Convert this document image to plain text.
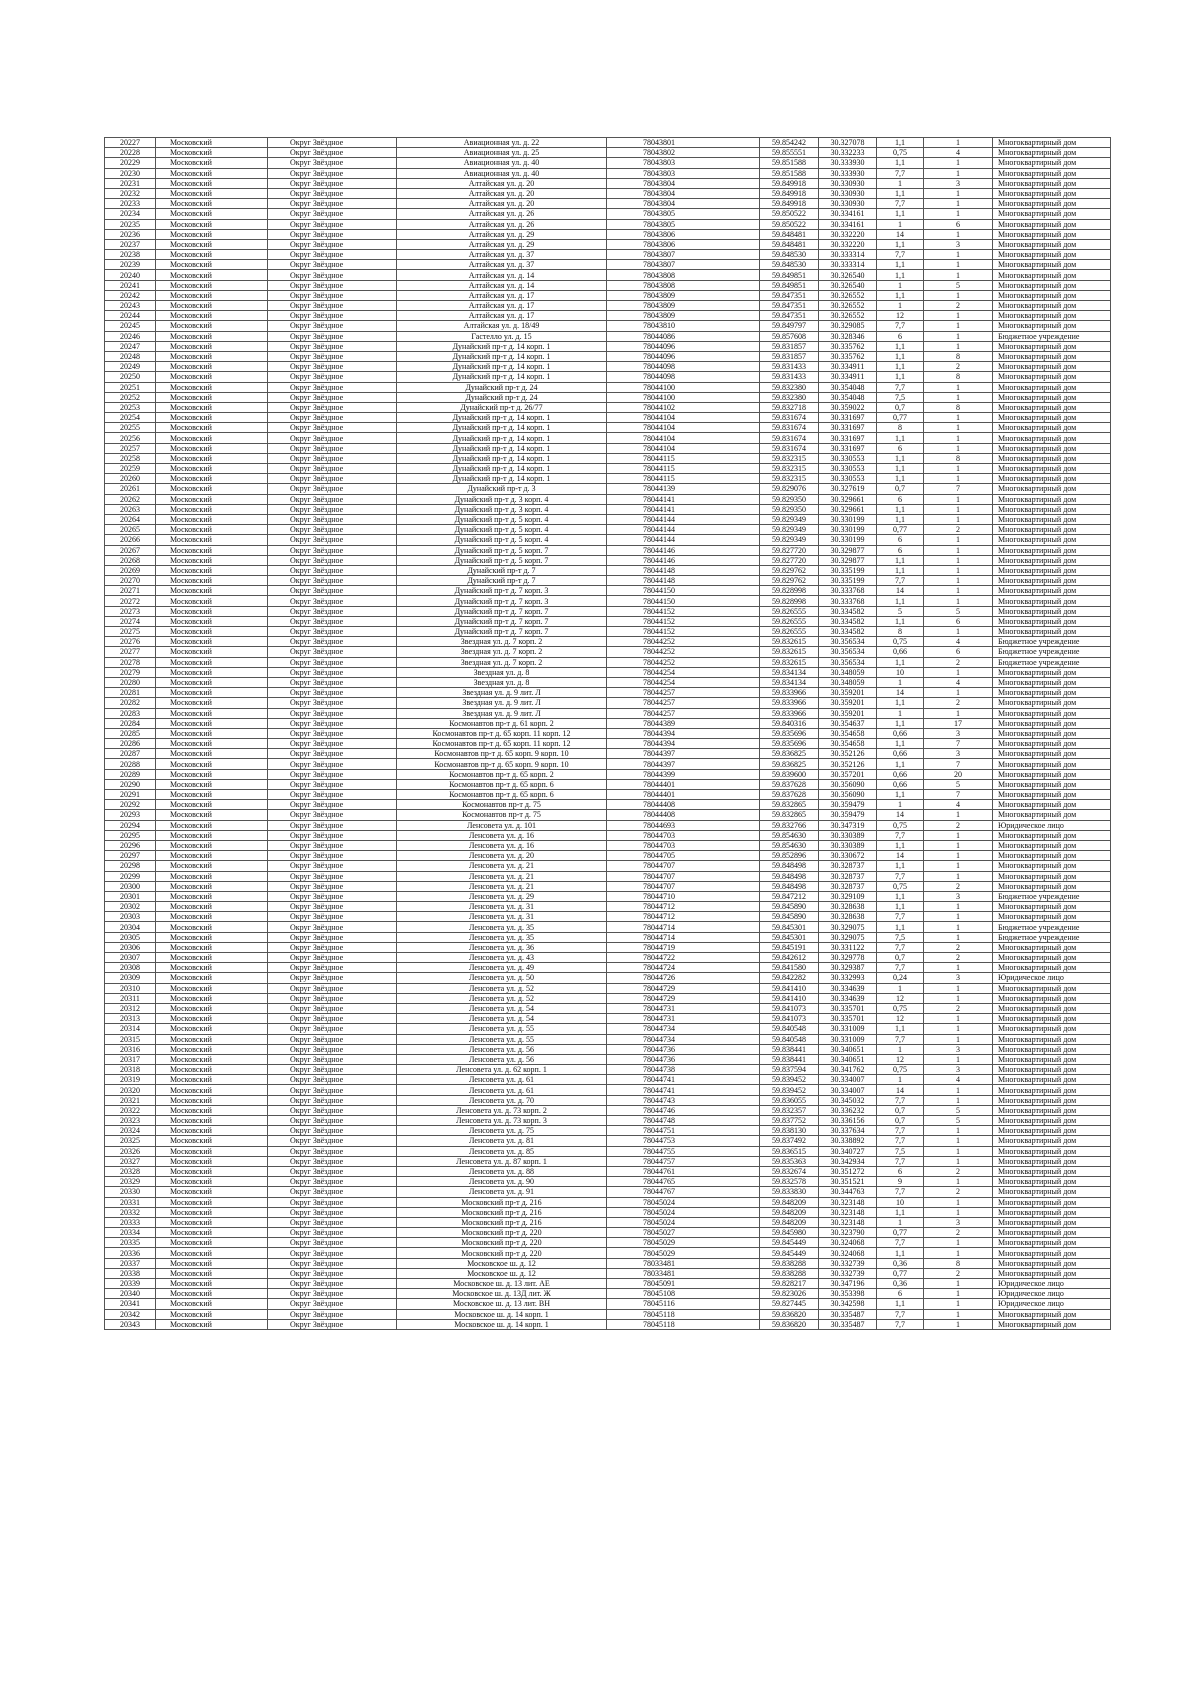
20227	Московский	Округ Звёздное	Авиационная ул. д. 22	78043801	59.854242	30.327078	1,1	1	Многоквартирный дом
20228	Московский	Округ Звёздное	Авиационная ул. д. 25	78043802	59.855551	30.332233	0,75	4	Многоквартирный дом
20229	Московский	Округ Звёздное	Авиационная ул. д. 40	78043803	59.851588	30.333930	1,1	1	Многоквартирный дом
20230	Московский	Округ Звёздное	Авиационная ул. д. 40	78043803	59.851588	30.333930	7,7	1	Многоквартирный дом
20231	Московский	Округ Звёздное	Алтайская ул. д. 20	78043804	59.849918	30.330930	1	3	Многоквартирный дом
20232	Московский	Округ Звёздное	Алтайская ул. д. 20	78043804	59.849918	30.330930	1,1	1	Многоквартирный дом
20233	Московский	Округ Звёздное	Алтайская ул. д. 20	78043804	59.849918	30.330930	7,7	1	Многоквартирный дом
20234	Московский	Округ Звёздное	Алтайская ул. д. 26	78043805	59.850522	30.334161	1,1	1	Многоквартирный дом
20235	Московский	Округ Звёздное	Алтайская ул. д. 26	78043805	59.850522	30.334161	1	6	Многоквартирный дом
20236	Московский	Округ Звёздное	Алтайская ул. д. 29	78043806	59.848481	30.332220	14	1	Многоквартирный дом
20237	Московский	Округ Звёздное	Алтайская ул. д. 29	78043806	59.848481	30.332220	1,1	3	Многоквартирный дом
20238	Московский	Округ Звёздное	Алтайская ул. д. 37	78043807	59.848530	30.333314	7,7	1	Многоквартирный дом
20239	Московский	Округ Звёздное	Алтайская ул. д. 37	78043807	59.848530	30.333314	1,1	1	Многоквартирный дом
20240	Московский	Округ Звёздное	Алтайская ул. д. 14	78043808	59.849851	30.326540	1,1	1	Многоквартирный дом
20241	Московский	Округ Звёздное	Алтайская ул. д. 14	78043808	59.849851	30.326540	1	5	Многоквартирный дом
20242	Московский	Округ Звёздное	Алтайская ул. д. 17	78043809	59.847351	30.326552	1,1	1	Многоквартирный дом
20243	Московский	Округ Звёздное	Алтайская ул. д. 17	78043809	59.847351	30.326552	1	2	Многоквартирный дом
20244	Московский	Округ Звёздное	Алтайская ул. д. 17	78043809	59.847351	30.326552	12	1	Многоквартирный дом
20245	Московский	Округ Звёздное	Алтайская ул. д. 18/49	78043810	59.849797	30.329085	7,7	1	Многоквартирный дом
20246	Московский	Округ Звёздное	Гастелло ул. д. 15	78044086	59.857608	30.328346	6	1	Бюджетное учреждение
20247	Московский	Округ Звёздное	Дунайский пр-т д. 14 корп. 1	78044096	59.831857	30.335762	1,1	1	Многоквартирный дом
20248	Московский	Округ Звёздное	Дунайский пр-т д. 14 корп. 1	78044096	59.831857	30.335762	1,1	8	Многоквартирный дом
20249	Московский	Округ Звёздное	Дунайский пр-т д. 14 корп. 1	78044098	59.831433	30.334911	1,1	2	Многоквартирный дом
20250	Московский	Округ Звёздное	Дунайский пр-т д. 14 корп. 1	78044098	59.831433	30.334911	1,1	8	Многоквартирный дом
20251	Московский	Округ Звёздное	Дунайский пр-т д. 24	78044100	59.832380	30.354048	7,7	1	Многоквартирный дом
20252	Московский	Округ Звёздное	Дунайский пр-т д. 24	78044100	59.832380	30.354048	7,5	1	Многоквартирный дом
20253	Московский	Округ Звёздное	Дунайский пр-т д. 26/77	78044102	59.832718	30.359022	0,7	8	Многоквартирный дом
20254	Московский	Округ Звёздное	Дунайский пр-т д. 14 корп. 1	78044104	59.831674	30.331697	0,77	1	Многоквартирный дом
20255	Московский	Округ Звёздное	Дунайский пр-т д. 14 корп. 1	78044104	59.831674	30.331697	8	1	Многоквартирный дом
20256	Московский	Округ Звёздное	Дунайский пр-т д. 14 корп. 1	78044104	59.831674	30.331697	1,1	1	Многоквартирный дом
20257	Московский	Округ Звёздное	Дунайский пр-т д. 14 корп. 1	78044104	59.831674	30.331697	6	1	Многоквартирный дом
20258	Московский	Округ Звёздное	Дунайский пр-т д. 14 корп. 1	78044115	59.832315	30.330553	1,1	8	Многоквартирный дом
20259	Московский	Округ Звёздное	Дунайский пр-т д. 14 корп. 1	78044115	59.832315	30.330553	1,1	1	Многоквартирный дом
20260	Московский	Округ Звёздное	Дунайский пр-т д. 14 корп. 1	78044115	59.832315	30.330553	1,1	1	Многоквартирный дом
20261	Московский	Округ Звёздное	Дунайский пр-т д. 3	78044139	59.829076	30.327619	0,7	7	Многоквартирный дом
20262	Московский	Округ Звёздное	Дунайский пр-т д. 3 корп. 4	78044141	59.829350	30.329661	6	1	Многоквартирный дом
20263	Московский	Округ Звёздное	Дунайский пр-т д. 3 корп. 4	78044141	59.829350	30.329661	1,1	1	Многоквартирный дом
20264	Московский	Округ Звёздное	Дунайский пр-т д. 5 корп. 4	78044144	59.829349	30.330199	1,1	1	Многоквартирный дом
20265	Московский	Округ Звёздное	Дунайский пр-т д. 5 корп. 4	78044144	59.829349	30.330199	0,77	2	Многоквартирный дом
20266	Московский	Округ Звёздное	Дунайский пр-т д. 5 корп. 4	78044144	59.829349	30.330199	6	1	Многоквартирный дом
20267	Московский	Округ Звёздное	Дунайский пр-т д. 5 корп. 7	78044146	59.827720	30.329877	6	1	Многоквартирный дом
20268	Московский	Округ Звёздное	Дунайский пр-т д. 5 корп. 7	78044146	59.827720	30.329877	1,1	1	Многоквартирный дом
20269	Московский	Округ Звёздное	Дунайский пр-т д. 7	78044148	59.829762	30.335199	1,1	1	Многоквартирный дом
20270	Московский	Округ Звёздное	Дунайский пр-т д. 7	78044148	59.829762	30.335199	7,7	1	Многоквартирный дом
20271	Московский	Округ Звёздное	Дунайский пр-т д. 7 корп. 3	78044150	59.828998	30.333768	14	1	Многоквартирный дом
20272	Московский	Округ Звёздное	Дунайский пр-т д. 7 корп. 3	78044150	59.828998	30.333768	1,1	1	Многоквартирный дом
20273	Московский	Округ Звёздное	Дунайский пр-т д. 7 корп. 7	78044152	59.826555	30.334582	5	5	Многоквартирный дом
20274	Московский	Округ Звёздное	Дунайский пр-т д. 7 корп. 7	78044152	59.826555	30.334582	1,1	6	Многоквартирный дом
20275	Московский	Округ Звёздное	Дунайский пр-т д. 7 корп. 7	78044152	59.826555	30.334582	8	1	Многоквартирный дом
20276	Московский	Округ Звёздное	Звездная ул. д. 7 корп. 2	78044252	59.832615	30.356534	0,75	4	Бюджетное учреждение
20277	Московский	Округ Звёздное	Звездная ул. д. 7 корп. 2	78044252	59.832615	30.356534	0,66	6	Бюджетное учреждение
20278	Московский	Округ Звёздное	Звездная ул. д. 7 корп. 2	78044252	59.832615	30.356534	1,1	2	Бюджетное учреждение
20279	Московский	Округ Звёздное	Звездная ул. д. 8	78044254	59.834134	30.348059	10	1	Многоквартирный дом
20280	Московский	Округ Звёздное	Звездная ул. д. 8	78044254	59.834134	30.348059	1	4	Многоквартирный дом
20281	Московский	Округ Звёздное	Звездная ул. д. 9 лит. Л	78044257	59.833966	30.359201	14	1	Многоквартирный дом
20282	Московский	Округ Звёздное	Звездная ул. д. 9 лит. Л	78044257	59.833966	30.359201	1,1	2	Многоквартирный дом
20283	Московский	Округ Звёздное	Звездная ул. д. 9 лит. Л	78044257	59.833966	30.359201	1	1	Многоквартирный дом
20284	Московский	Округ Звёздное	Космонавтов пр-т д. 61 корп. 2	78044389	59.840316	30.354637	1,1	17	Многоквартирный дом
20285	Московский	Округ Звёздное	Космонавтов пр-т д. 65 корп. 11 корп. 12	78044394	59.835696	30.354658	0,66	3	Многоквартирный дом
20286	Московский	Округ Звёздное	Космонавтов пр-т д. 65 корп. 11 корп. 12	78044394	59.835696	30.354658	1,1	7	Многоквартирный дом
20287	Московский	Округ Звёздное	Космонавтов пр-т д. 65 корп. 9 корп. 10	78044397	59.836825	30.352126	0,66	3	Многоквартирный дом
20288	Московский	Округ Звёздное	Космонавтов пр-т д. 65 корп. 9 корп. 10	78044397	59.836825	30.352126	1,1	7	Многоквартирный дом
20289	Московский	Округ Звёздное	Космонавтов пр-т д. 65 корп. 2	78044399	59.839600	30.357201	0,66	20	Многоквартирный дом
20290	Московский	Округ Звёздное	Космонавтов пр-т д. 65 корп. 6	78044401	59.837628	30.356090	0,66	5	Многоквартирный дом
20291	Московский	Округ Звёздное	Космонавтов пр-т д. 65 корп. 6	78044401	59.837628	30.356090	1,1	7	Многоквартирный дом
20292	Московский	Округ Звёздное	Космонавтов пр-т д. 75	78044408	59.832865	30.359479	1	4	Многоквартирный дом
20293	Московский	Округ Звёздное	Космонавтов пр-т д. 75	78044408	59.832865	30.359479	14	1	Многоквартирный дом
20294	Московский	Округ Звёздное	Ленсовета ул. д. 101	78044693	59.832766	30.347319	0,75	2	Юридическое лицо
20295	Московский	Округ Звёздное	Ленсовета ул. д. 16	78044703	59.854630	30.330389	7,7	1	Многоквартирный дом
20296	Московский	Округ Звёздное	Ленсовета ул. д. 16	78044703	59.854630	30.330389	1,1	1	Многоквартирный дом
20297	Московский	Округ Звёздное	Ленсовета ул. д. 20	78044705	59.852896	30.330672	14	1	Многоквартирный дом
20298	Московский	Округ Звёздное	Ленсовета ул. д. 21	78044707	59.848498	30.328737	1,1	1	Многоквартирный дом
20299	Московский	Округ Звёздное	Ленсовета ул. д. 21	78044707	59.848498	30.328737	7,7	1	Многоквартирный дом
20300	Московский	Округ Звёздное	Ленсовета ул. д. 21	78044707	59.848498	30.328737	0,75	2	Многоквартирный дом
20301	Московский	Округ Звёздное	Ленсовета ул. д. 29	78044710	59.847212	30.329109	1,1	3	Бюджетное учреждение
20302	Московский	Округ Звёздное	Ленсовета ул. д. 31	78044712	59.845890	30.328638	1,1	1	Многоквартирный дом
20303	Московский	Округ Звёздное	Ленсовета ул. д. 31	78044712	59.845890	30.328638	7,7	1	Многоквартирный дом
20304	Московский	Округ Звёздное	Ленсовета ул. д. 35	78044714	59.845301	30.329075	1,1	1	Бюджетное учреждение
20305	Московский	Округ Звёздное	Ленсовета ул. д. 35	78044714	59.845301	30.329075	7,5	1	Бюджетное учреждение
20306	Московский	Округ Звёздное	Ленсовета ул. д. 36	78044719	59.845191	30.331122	7,7	2	Многоквартирный дом
20307	Московский	Округ Звёздное	Ленсовета ул. д. 43	78044722	59.842612	30.329778	0,7	2	Многоквартирный дом
20308	Московский	Округ Звёздное	Ленсовета ул. д. 49	78044724	59.841580	30.329387	7,7	1	Многоквартирный дом
20309	Московский	Округ Звёздное	Ленсовета ул. д. 50	78044726	59.842282	30.332993	0,24	3	Юридическое лицо
20310	Московский	Округ Звёздное	Ленсовета ул. д. 52	78044729	59.841410	30.334639	1	1	Многоквартирный дом
20311	Московский	Округ Звёздное	Ленсовета ул. д. 52	78044729	59.841410	30.334639	12	1	Многоквартирный дом
20312	Московский	Округ Звёздное	Ленсовета ул. д. 54	78044731	59.841073	30.335701	0,75	2	Многоквартирный дом
20313	Московский	Округ Звёздное	Ленсовета ул. д. 54	78044731	59.841073	30.335701	12	1	Многоквартирный дом
20314	Московский	Округ Звёздное	Ленсовета ул. д. 55	78044734	59.840548	30.331009	1,1	1	Многоквартирный дом
20315	Московский	Округ Звёздное	Ленсовета ул. д. 55	78044734	59.840548	30.331009	7,7	1	Многоквартирный дом
20316	Московский	Округ Звёздное	Ленсовета ул. д. 56	78044736	59.838441	30.340651	1	3	Многоквартирный дом
20317	Московский	Округ Звёздное	Ленсовета ул. д. 56	78044736	59.838441	30.340651	12	1	Многоквартирный дом
20318	Московский	Округ Звёздное	Ленсовета ул. д. 62 корп. 1	78044738	59.837594	30.341762	0,75	3	Многоквартирный дом
20319	Московский	Округ Звёздное	Ленсовета ул. д. 61	78044741	59.839452	30.334007	1	4	Многоквартирный дом
20320	Московский	Округ Звёздное	Ленсовета ул. д. 61	78044741	59.839452	30.334007	14	1	Многоквартирный дом
20321	Московский	Округ Звёздное	Ленсовета ул. д. 70	78044743	59.836055	30.345032	7,7	1	Многоквартирный дом
20322	Московский	Округ Звёздное	Ленсовета ул. д. 73 корп. 2	78044746	59.832357	30.336232	0,7	5	Многоквартирный дом
20323	Московский	Округ Звёздное	Ленсовета ул. д. 73 корп. 3	78044748	59.837752	30.336156	0,7	5	Многоквартирный дом
20324	Московский	Округ Звёздное	Ленсовета ул. д. 75	78044751	59.838130	30.337634	7,7	1	Многоквартирный дом
20325	Московский	Округ Звёздное	Ленсовета ул. д. 81	78044753	59.837492	30.338892	7,7	1	Многоквартирный дом
20326	Московский	Округ Звёздное	Ленсовета ул. д. 85	78044755	59.836515	30.340727	7,5	1	Многоквартирный дом
20327	Московский	Округ Звёздное	Ленсовета ул. д. 87 корп. 1	78044757	59.835363	30.342934	7,7	1	Многоквартирный дом
20328	Московский	Округ Звёздное	Ленсовета ул. д. 88	78044761	59.832674	30.351272	6	2	Многоквартирный дом
20329	Московский	Округ Звёздное	Ленсовета ул. д. 90	78044765	59.832578	30.351521	9	1	Многоквартирный дом
20330	Московский	Округ Звёздное	Ленсовета ул. д. 91	78044767	59.833830	30.344763	7,7	2	Многоквартирный дом
20331	Московский	Округ Звёздное	Московский пр-т д. 216	78045024	59.848209	30.323148	10	1	Многоквартирный дом
20332	Московский	Округ Звёздное	Московский пр-т д. 216	78045024	59.848209	30.323148	1,1	1	Многоквартирный дом
20333	Московский	Округ Звёздное	Московский пр-т д. 216	78045024	59.848209	30.323148	1	3	Многоквартирный дом
20334	Московский	Округ Звёздное	Московский пр-т д. 220	78045027	59.845980	30.323790	0,77	2	Многоквартирный дом
20335	Московский	Округ Звёздное	Московский пр-т д. 220	78045029	59.845449	30.324068	7,7	1	Многоквартирный дом
20336	Московский	Округ Звёздное	Московский пр-т д. 220	78045029	59.845449	30.324068	1,1	1	Многоквартирный дом
20337	Московский	Округ Звёздное	Московское ш. д. 12	78033481	59.838288	30.332739	0,36	8	Многоквартирный дом
20338	Московский	Округ Звёздное	Московское ш. д. 12	78033481	59.838288	30.332739	0,77	2	Многоквартирный дом
20339	Московский	Округ Звёздное	Московское ш. д. 13 лит. АЕ	78045091	59.828217	30.347196	0,36	1	Юридическое лицо
20340	Московский	Округ Звёздное	Московское ш. д. 13Д лит. Ж	78045108	59.823026	30.353398	6	1	Юридическое лицо
20341	Московский	Округ Звёздное	Московское ш. д. 13 лит. ВН	78045116	59.827445	30.342598	1,1	1	Юридическое лицо
20342	Московский	Округ Звёздное	Московское ш. д. 14 корп. 1	78045118	59.836820	30.335487	7,7	1	Многоквартирный дом
20343	Московский	Округ Звёздное	Московское ш. д. 14 корп. 1	78045118	59.836820	30.335487	7,7	1	Многоквартирный дом
